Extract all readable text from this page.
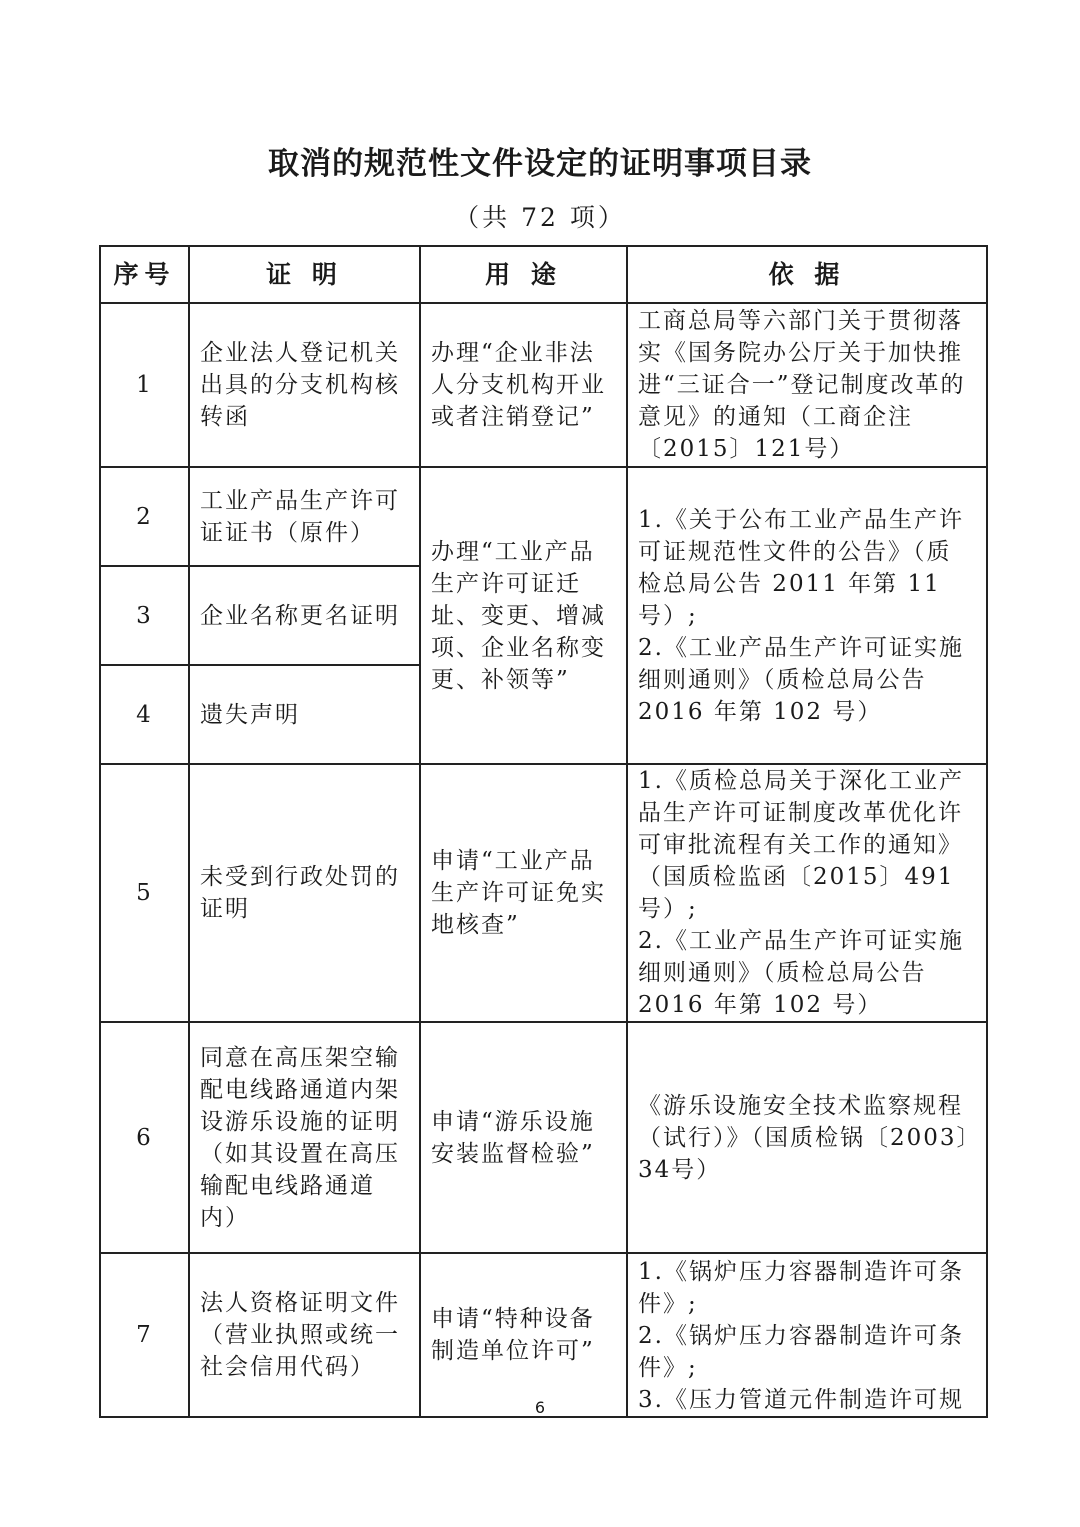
取消的规范性文件设定的证明事项目录
（共 72 项）
序号	证 明	用 途	依 据
1	企业法人登记机关出具的分支机构核转函	办理“企业非法人分支机构开业或者注销登记”	工商总局等六部门关于贯彻落实《国务院办公厅关于加快推进“三证合一”登记制度改革的意见》的通知（工商企注〔2015〕121号）
2	工业产品生产许可证证书（原件）	办理“工业产品生产许可证迁址、变更、增减项、企业名称变更、补领等”	1.《关于公布工业产品生产许可证规范性文件的公告》（质检总局公告 2011 年第 11 号）;
2.《工业产品生产许可证实施细则通则》（质检总局公告 2016 年第 102 号）
3	企业名称更名证明		
4	遗失声明		
5	未受到行政处罚的证明	申请“工业产品生产许可证免实地核查”	1.《质检总局关于深化工业产品生产许可证制度改革优化许可审批流程有关工作的通知》（国质检监函〔2015〕491号）;
2.《工业产品生产许可证实施细则通则》（质检总局公告 2016 年第 102 号）
6	同意在高压架空输配电线路通道内架设游乐设施的证明（如其设置在高压输配电线路通道内）	申请“游乐设施安装监督检验”	《游乐设施安全技术监察规程（试行）》（国质检锅〔2003〕34号）
7	法人资格证明文件（营业执照或统一社会信用代码）	申请“特种设备制造单位许可”	1.《锅炉压力容器制造许可条件》;
2.《锅炉压力容器制造许可条件》;
3.《压力管道元件制造许可规
6
